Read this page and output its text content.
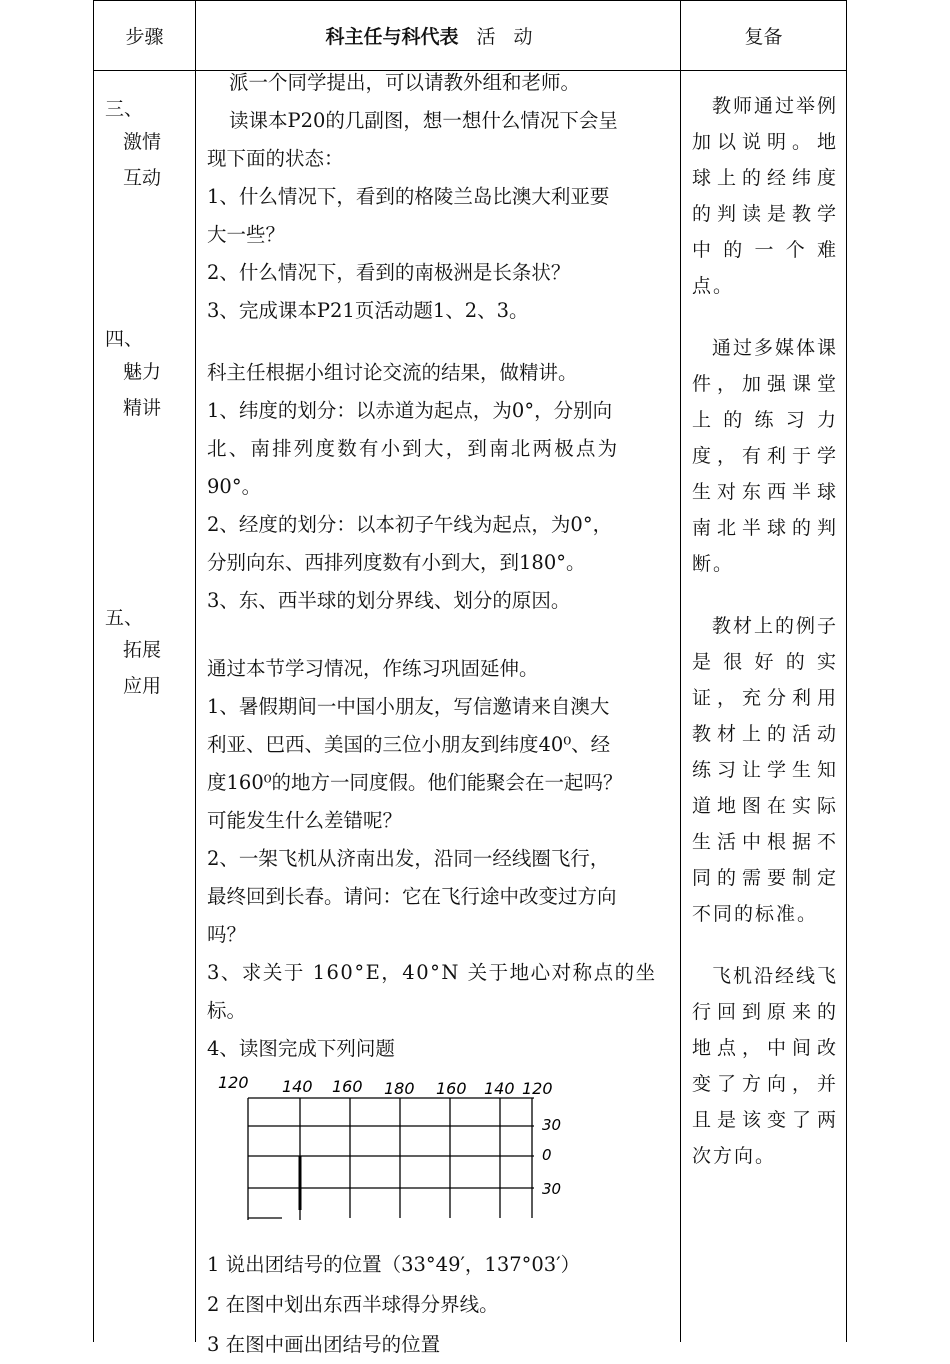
步骤	科主任与科代表 活动	复备
三、
激情
互动
四、
魅力
精讲
五、
拓展
应用

派一个同学提出，可以请教外组和老师。

读课本P20的几副图，想一想什么情况下会呈

现下面的状态：

1、什么情况下，看到的格陵兰岛比澳大利亚要

大一些？

2、什么情况下，看到的南极洲是长条状？

3、完成课本P21页活动题1、2、3。

科主任根据小组讨论交流的结果，做精讲。

1、纬度的划分：以赤道为起点，为0°，分别向

北、南排列度数有小到大，到南北两极点为

90°。

2、经度的划分：以本初子午线为起点，为0°，

分别向东、西排列度数有小到大，到180°。

3、东、西半球的划分界线、划分的原因。

通过本节学习情况，作练习巩固延伸。

1、暑假期间一中国小朋友，写信邀请来自澳大

利亚、巴西、美国的三位小朋友到纬度40⁰、经

度160⁰的地方一同度假。他们能聚会在一起吗？

可能发生什么差错呢？

2、一架飞机从济南出发，沿同一经线圈飞行，

最终回到长春。请问：它在飞行途中改变过方向

吗？

3、求关于 160°E，40°N 关于地心对称点的坐

标。

4、读图完成下列问题

120 140 160 180 160 140 120
30
0
30
1 说出团结号的位置（33°49′，137°03′）
2 在图中划出东西半球得分界线。
3 在图中画出团结号的位置
教师通过举例加以说明。地球上的经纬度的判读是教学中的一个难点。
通过多媒体课件，加强课堂上的练习力度，有利于学生对东西半球南北半球的判断。
教材上的例子是很好的实证，充分利用教材上的活动练习让学生知道地图在实际生活中根据不同的需要制定不同的标准。
飞机沿经线飞行回到原来的地点，中间改变了方向，并且是该变了两次方向。
